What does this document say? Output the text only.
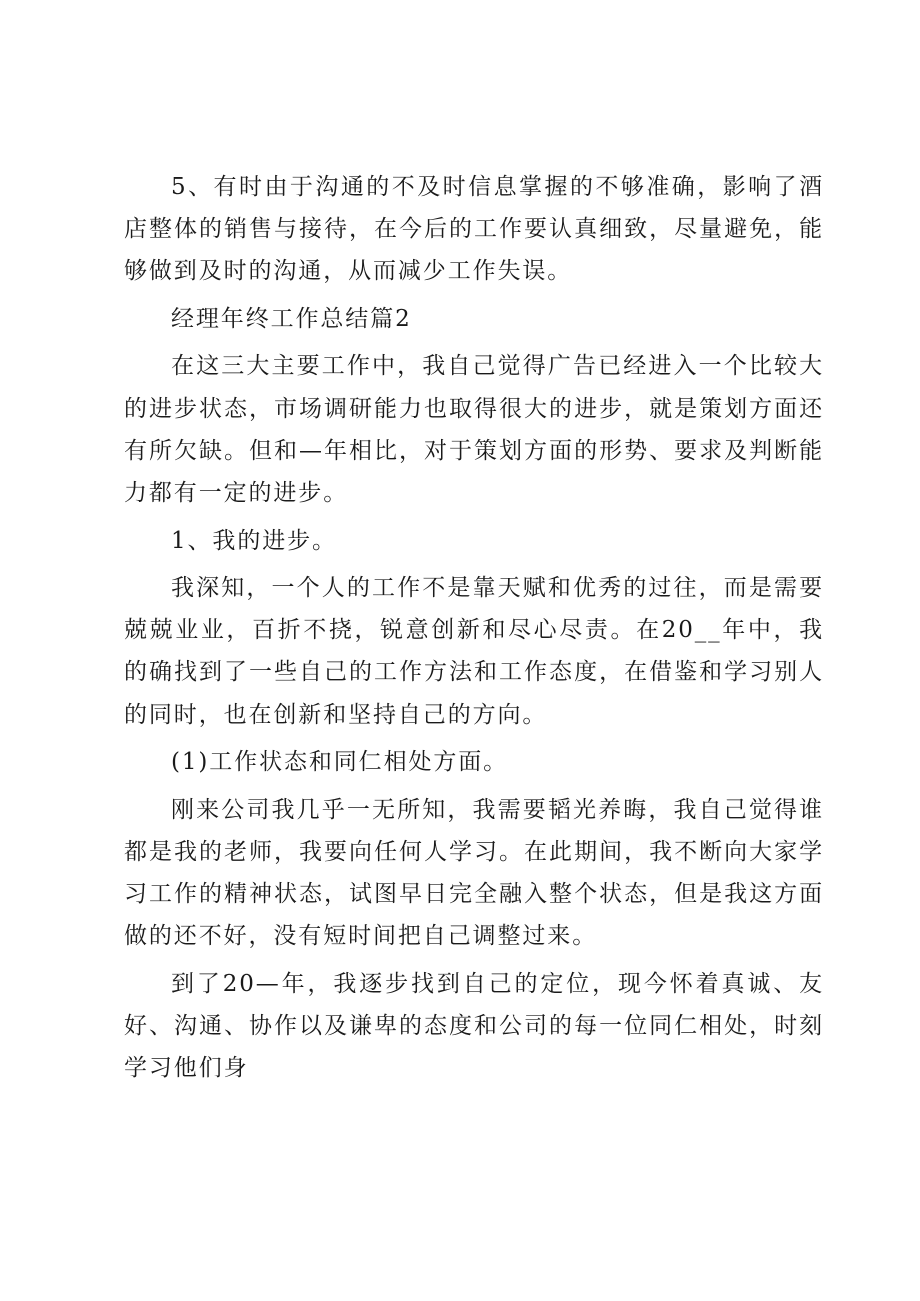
5、有时由于沟通的不及时信息掌握的不够准确，影响了酒店整体的销售与接待，在今后的工作要认真细致，尽量避免，能够做到及时的沟通，从而减少工作失误。

经理年终工作总结篇2

在这三大主要工作中，我自己觉得广告已经进入一个比较大的进步状态，市场调研能力也取得很大的进步，就是策划方面还有所欠缺。但和—年相比，对于策划方面的形势、要求及判断能力都有一定的进步。

1、我的进步。

我深知，一个人的工作不是靠天赋和优秀的过往，而是需要兢兢业业，百折不挠，锐意创新和尽心尽责。在20__年中，我的确找到了一些自己的工作方法和工作态度，在借鉴和学习别人的同时，也在创新和坚持自己的方向。

(1)工作状态和同仁相处方面。

刚来公司我几乎一无所知，我需要韬光养晦，我自己觉得谁都是我的老师，我要向任何人学习。在此期间，我不断向大家学习工作的精神状态，试图早日完全融入整个状态，但是我这方面做的还不好，没有短时间把自己调整过来。

到了20—年，我逐步找到自己的定位，现今怀着真诚、友好、沟通、协作以及谦卑的态度和公司的每一位同仁相处，时刻学习他们身
